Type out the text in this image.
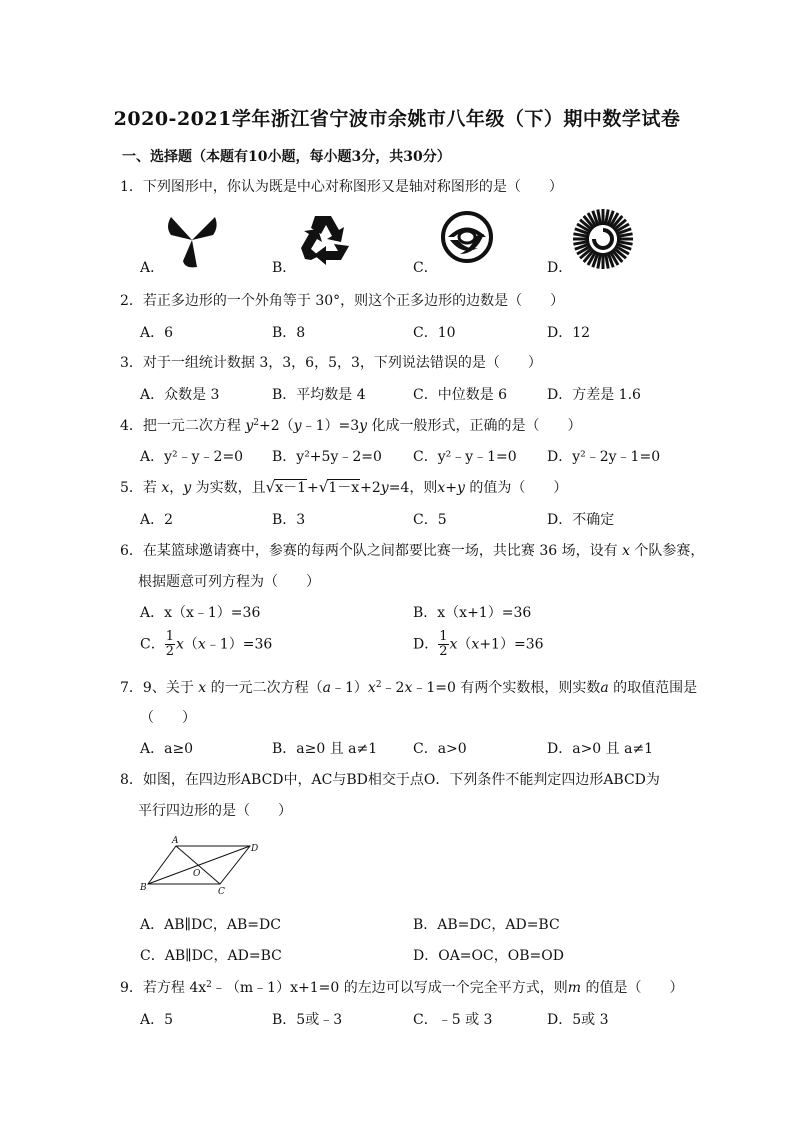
2020-2021学年浙江省宁波市余姚市八年级（下）期中数学试卷
一、选择题（本题有10小题，每小题3分，共30分）
1．下列图形中，你认为既是中心对称图形又是轴对称图形的是（　　）
A．	B．	C．	D．
2．若正多边形的一个外角等于 30°，则这个正多边形的边数是（　　）
A．6	B．8	C．10	D．12
3．对于一组统计数据 3，3，6，5，3，下列说法错误的是（　　）
A．众数是 3	B．平均数是 4	C．中位数是 6	D．方差是 1.6
4．把一元二次方程 $y^2+2(y﹣1)=3y$ 化成一般形式，正确的是（　　）
A．y²﹣y﹣2=0 B．y²+5y﹣2=0 C．y²﹣y﹣1=0 D．y²﹣2y﹣1=0
5．若 x，y 为实数，且√x－1+√1－x+2y=4，则x+y 的值为（　　）
A．2	B．3	C．5	D．不确定
6．在某篮球邀请赛中，参赛的每两个队之间都要比赛一场，共比赛 36 场，设有 x 个队参赛，
根据题意可列方程为（　　）
A．x（x﹣1）=36	B．x（x+1）=36
C． $\frac{1}{2}$ x（x﹣1）=36	D． $\frac{1}{2} x(x+1)=36$
7．9、关于 x 的一元二次方程$(a﹣1)x^2﹣2x﹣1=0$ 有两个实数根，则实数a 的取值范围是
（　　）
A．a≥0	B．a≥0 且 a≠1	C．a>0	D．a>0 且 a≠1
8．如图，在四边形ABCD中，AC与BD相交于点O．下列条件不能判定四边形ABCD为
平行四边形的是（　　）
A
B	C
D
O
A．AB∥DC，AB=DC	B．AB=DC，AD=BC
C．AB∥DC，AD=BC	D．OA=OC，OB=OD
9．若方程 $4x^2﹣(m﹣1)x+1=0$ 的左边可以写成一个完全平方式，则m 的值是（　　）
A．5	B．5或﹣3	C．﹣5 或 3	D．5或 3
